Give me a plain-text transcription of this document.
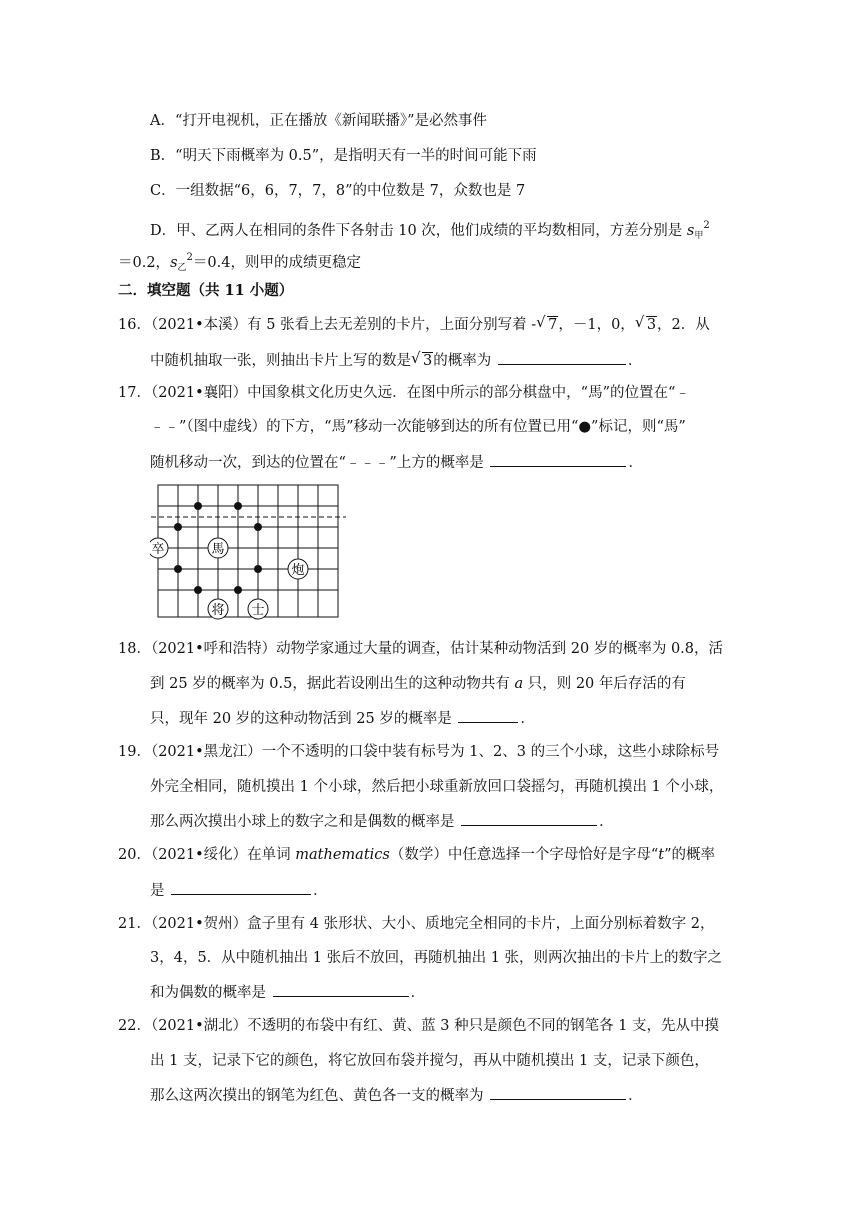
A．“打开电视机，正在播放《新闻联播》”是必然事件
B．“明天下雨概率为 0.5”，是指明天有一半的时间可能下雨
C．一组数据“6，6，7，7，8”的中位数是 7，众数也是 7
D．甲、乙两人在相同的条件下各射击 10 次，他们成绩的平均数相同，方差分别是 $s_甲^2$
＝0.2，$s_乙^2=0.4$，则甲的成绩更稳定
二．填空题（共 11 小题）
16．（2021•本溪）有 5 张看上去无差别的卡片，上面分别写着 - √ 7，－1，0， √ 3，2．从
中随机抽取一张，则抽出卡片上写的数是 √ 3的概率为	．
17．（2021•襄阳）中国象棋文化历史久远．在图中所示的部分棋盘中，“馬”的位置在“﹣
﹣﹣”（图中虚线）的下方，“馬”移动一次能够到达的所有位置已用“●”标记，则“馬”
随机移动一次，到达的位置在“﹣﹣﹣”上方的概率是	．
卒	馬
炮
将 士
18．（2021•呼和浩特）动物学家通过大量的调查，估计某种动物活到 20 岁的概率为 0.8，活
到 25 岁的概率为 0.5，据此若设刚出生的这种动物共有 a 只，则 20 年后存活的有
只，现年 20 岁的这种动物活到 25 岁的概率是	．
19．（2021•黑龙江）一个不透明的口袋中装有标号为 1、2、3 的三个小球，这些小球除标号
外完全相同，随机摸出 1 个小球，然后把小球重新放回口袋摇匀，再随机摸出 1 个小球，
那么两次摸出小球上的数字之和是偶数的概率是	．
20．（2021•绥化）在单词 mathematics（数学）中任意选择一个字母恰好是字母“t”的概率
是	．
21．（2021•贺州）盒子里有 4 张形状、大小、质地完全相同的卡片，上面分别标着数字 2，
3，4，5．从中随机抽出 1 张后不放回，再随机抽出 1 张，则两次抽出的卡片上的数字之
和为偶数的概率是	．
22．（2021•湖北）不透明的布袋中有红、黄、蓝 3 种只是颜色不同的钢笔各 1 支，先从中摸
出 1 支，记录下它的颜色，将它放回布袋并搅匀，再从中随机摸出 1 支，记录下颜色，
那么这两次摸出的钢笔为红色、黄色各一支的概率为	．
